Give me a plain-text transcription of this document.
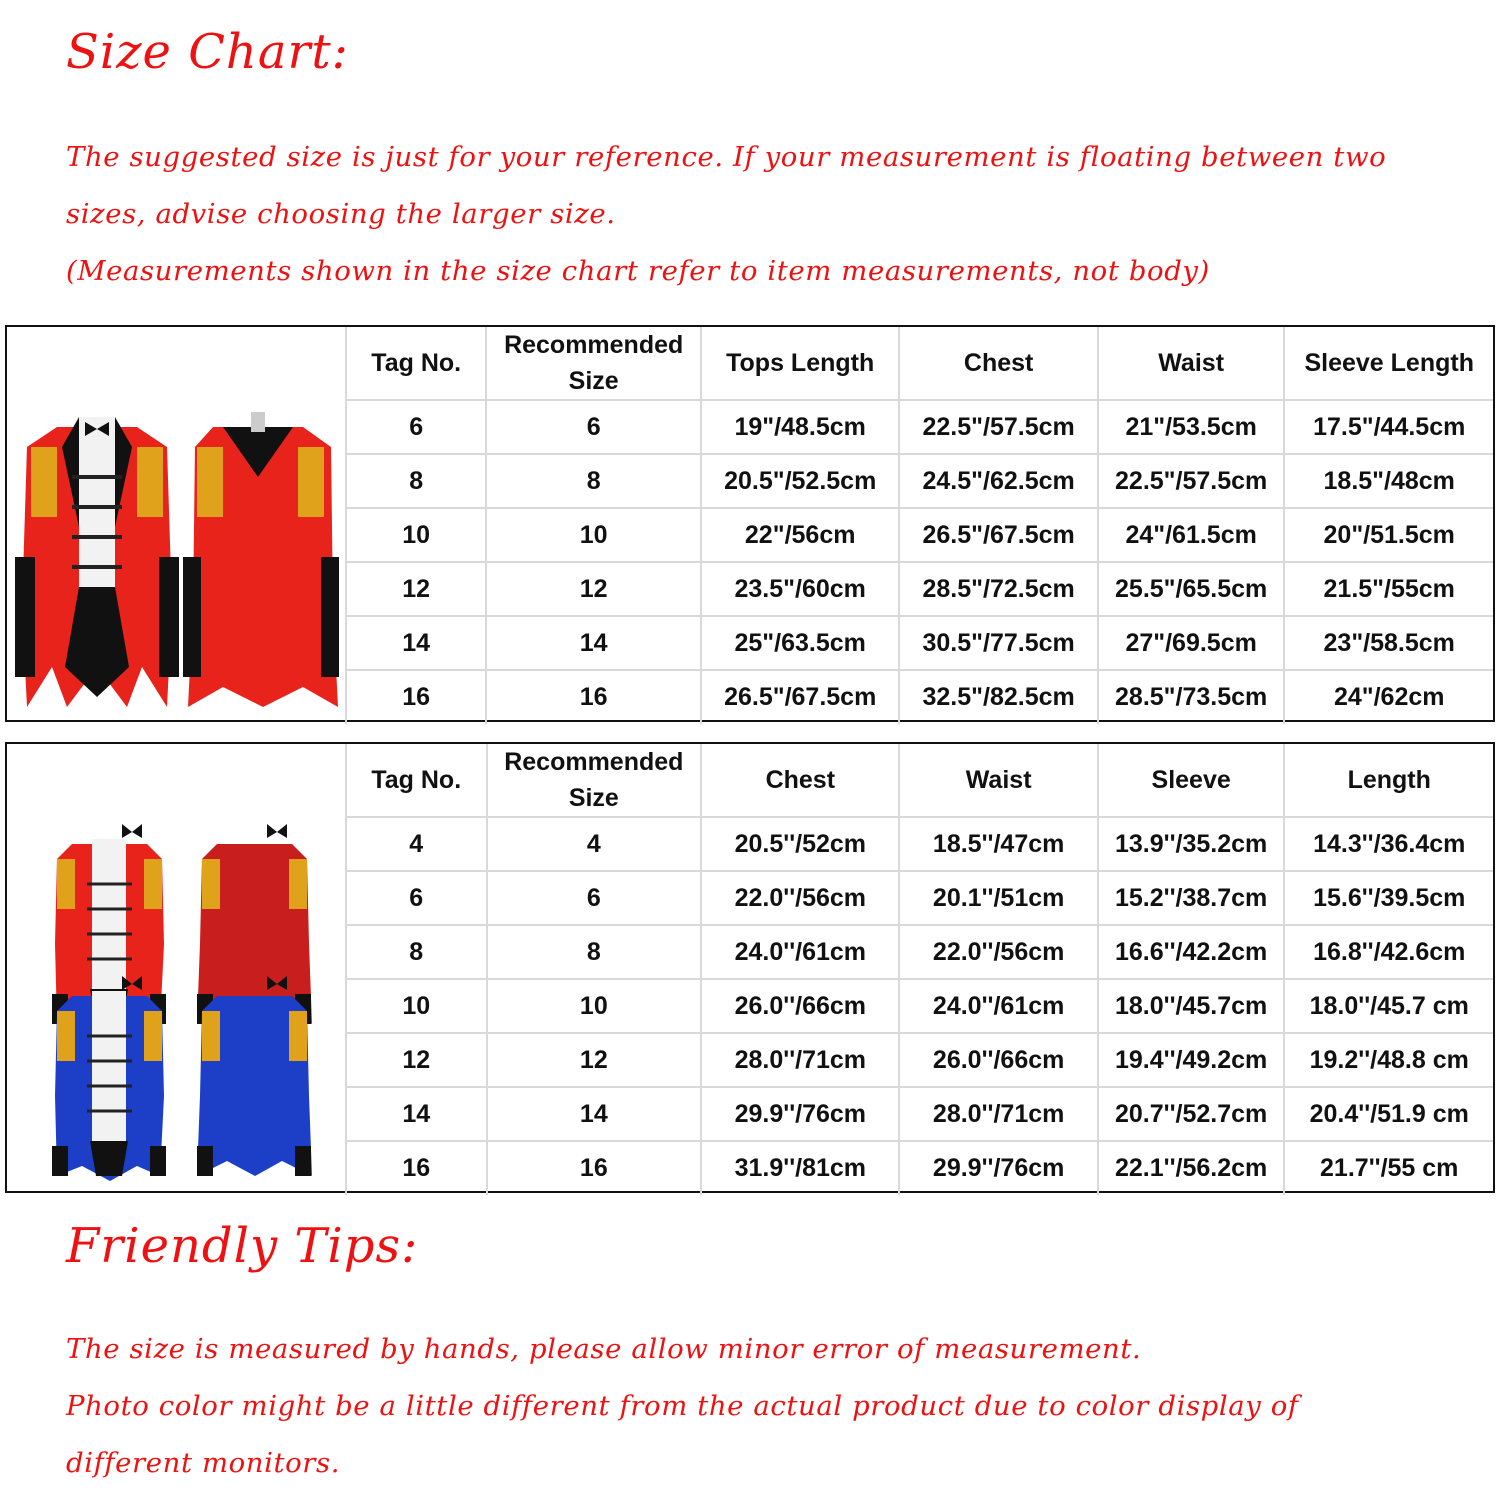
Size Chart:
The suggested size is just for your reference. If your measurement is floating between two
sizes, advise choosing the larger size.
(Measurements shown in the size chart refer to item measurements, not body)
Tag No.	Recommended Size	Tops Length	Chest	Waist	Sleeve Length
6	6	19"/48.5cm	22.5"/57.5cm	21"/53.5cm	17.5"/44.5cm
8	8	20.5"/52.5cm	24.5"/62.5cm	22.5"/57.5cm	18.5"/48cm
10	10	22"/56cm	26.5"/67.5cm	24"/61.5cm	20"/51.5cm
12	12	23.5"/60cm	28.5"/72.5cm	25.5"/65.5cm	21.5"/55cm
14	14	25"/63.5cm	30.5"/77.5cm	27"/69.5cm	23"/58.5cm
16	16	26.5"/67.5cm	32.5"/82.5cm	28.5"/73.5cm	24"/62cm
Tag No.	Recommended Size	Chest	Waist	Sleeve	Length
4	4	20.5''/52cm	18.5''/47cm	13.9''/35.2cm	14.3''/36.4cm
6	6	22.0''/56cm	20.1''/51cm	15.2''/38.7cm	15.6''/39.5cm
8	8	24.0''/61cm	22.0''/56cm	16.6''/42.2cm	16.8''/42.6cm
10	10	26.0''/66cm	24.0''/61cm	18.0''/45.7cm	18.0''/45.7 cm
12	12	28.0''/71cm	26.0''/66cm	19.4''/49.2cm	19.2''/48.8 cm
14	14	29.9''/76cm	28.0''/71cm	20.7''/52.7cm	20.4''/51.9 cm
16	16	31.9''/81cm	29.9''/76cm	22.1''/56.2cm	21.7''/55 cm
Friendly Tips:
The size is measured by hands, please allow minor error of measurement.
Photo color might be a little different from the actual product due to color display of
different monitors.
